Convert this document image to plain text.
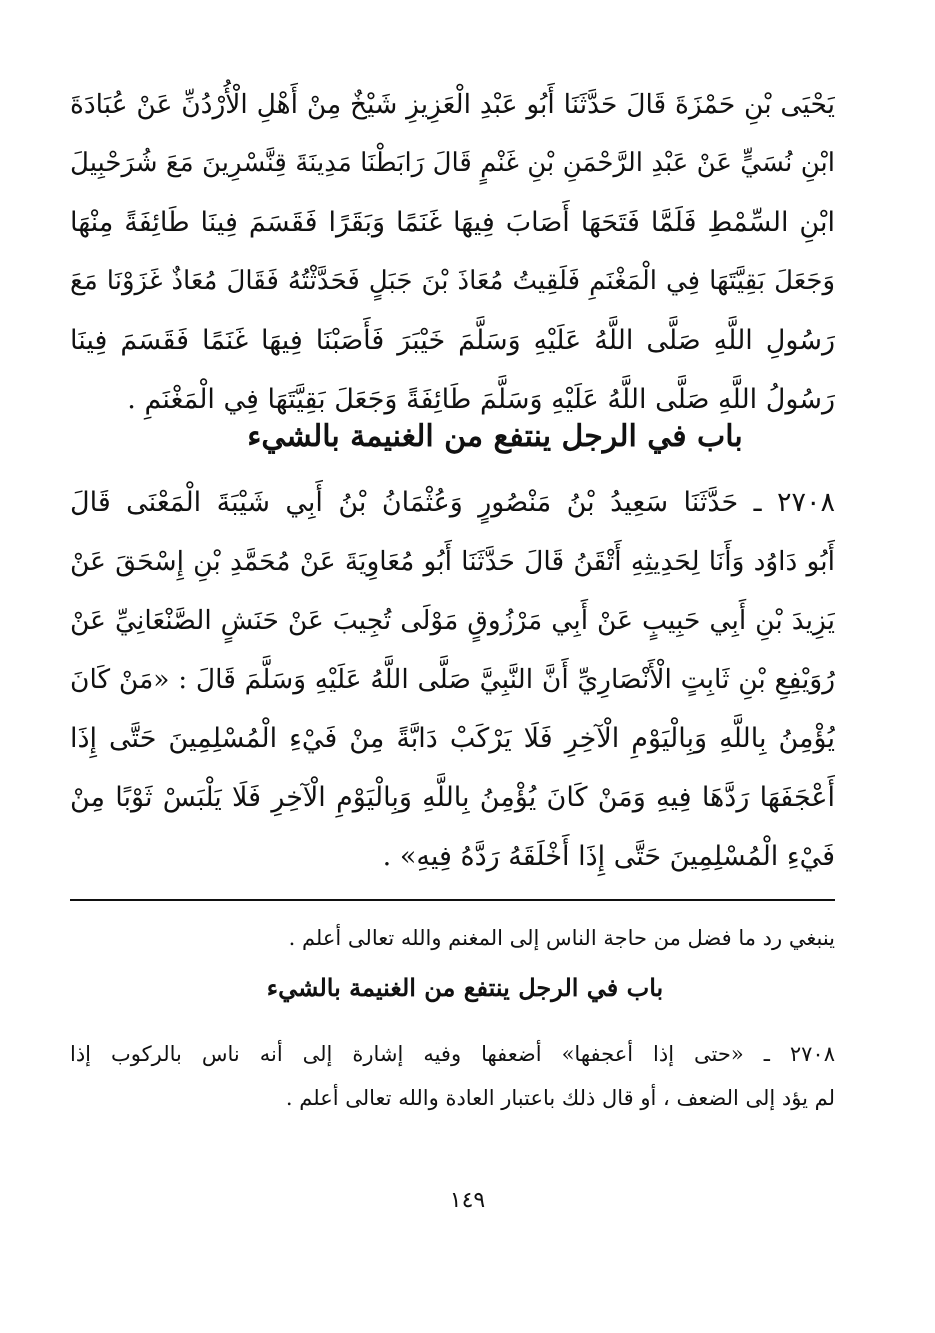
يَحْيَى بْنِ حَمْزَةَ قَالَ حَدَّثَنَا أَبُو عَبْدِ الْعَزِيزِ شَيْخٌ مِنْ أَهْلِ الْأُرْدُنِّ عَنْ عُبَادَةَ
ابْنِ نُسَيٍّ عَنْ عَبْدِ الرَّحْمَنِ بْنِ غَنْمٍ قَالَ رَابَطْنَا مَدِينَةَ قِنَّسْرِينَ مَعَ شُرَحْبِيلَ
ابْنِ السِّمْطِ فَلَمَّا فَتَحَهَا أَصَابَ فِيهَا غَنَمًا وَبَقَرًا فَقَسَمَ فِينَا طَائِفَةً مِنْهَا
وَجَعَلَ بَقِيَّتَهَا فِي الْمَغْنَمِ فَلَقِيتُ مُعَاذَ بْنَ جَبَلٍ فَحَدَّثْتُهُ فَقَالَ مُعَاذٌ غَزَوْنَا مَعَ
رَسُولِ اللَّهِ صَلَّى اللَّهُ عَلَيْهِ وَسَلَّمَ خَيْبَرَ فَأَصَبْنَا فِيهَا غَنَمًا فَقَسَمَ فِينَا
رَسُولُ اللَّهِ صَلَّى اللَّهُ عَلَيْهِ وَسَلَّمَ طَائِفَةً وَجَعَلَ بَقِيَّتَهَا فِي الْمَغْنَمِ .
باب في الرجل ينتفع من الغنيمة بالشيء
٢٧٠٨ ـ حَدَّثَنَا سَعِيدُ بْنُ مَنْصُورٍ وَعُثْمَانُ بْنُ أَبِي شَيْبَةَ الْمَعْنَى قَالَ
أَبُو دَاوُد وَأَنَا لِحَدِيثِهِ أَتْقَنُ قَالَ حَدَّثَنَا أَبُو مُعَاوِيَةَ عَنْ مُحَمَّدِ بْنِ إِسْحَقَ عَنْ
يَزِيدَ بْنِ أَبِي حَبِيبٍ عَنْ أَبِي مَرْزُوقٍ مَوْلَى تُجِيبَ عَنْ حَنَشٍ الصَّنْعَانِيِّ عَنْ
رُوَيْفِعِ بْنِ ثَابِتٍ الْأَنْصَارِيِّ أَنَّ النَّبِيَّ صَلَّى اللَّهُ عَلَيْهِ وَسَلَّمَ قَالَ : «مَنْ كَانَ
يُؤْمِنُ بِاللَّهِ وَبِالْيَوْمِ الْآخِرِ فَلَا يَرْكَبْ دَابَّةً مِنْ فَيْءِ الْمُسْلِمِينَ حَتَّى إِذَا
أَعْجَفَهَا رَدَّهَا فِيهِ وَمَنْ كَانَ يُؤْمِنُ بِاللَّهِ وَبِالْيَوْمِ الْآخِرِ فَلَا يَلْبَسْ ثَوْبًا مِنْ
فَيْءِ الْمُسْلِمِينَ حَتَّى إِذَا أَخْلَقَهُ رَدَّهُ فِيهِ» .
ينبغي رد ما فضل من حاجة الناس إلى المغنم والله تعالى أعلم .
باب في الرجل ينتفع من الغنيمة بالشيء
٢٧٠٨ ـ «حتى إذا أعجفها» أضعفها وفيه إشارة إلى أنه ناس بالركوب إذا
لم يؤد إلى الضعف ، أو قال ذلك باعتبار العادة والله تعالى أعلم .
١٤٩
